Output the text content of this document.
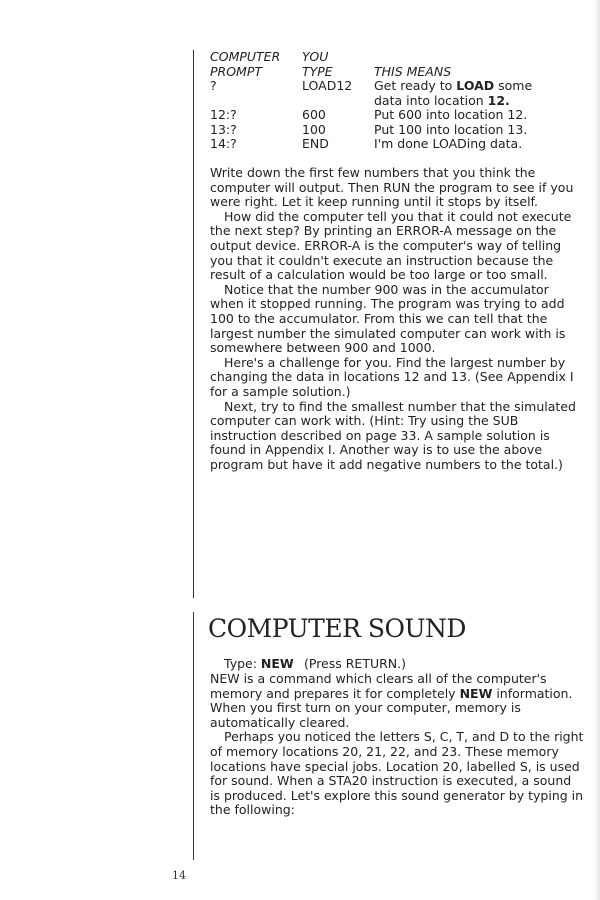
COMPUTER YOU
PROMPT	TYPE	THIS MEANS
?	LOAD12 Get ready to LOAD some
data into location 12.
12:?	600	Put 600 into location 12.
13:?	100	Put 100 into location 13.
14:?	END	I'm done LOADing data.

Write down the first few numbers that you think the computer will output. Then RUN the program to see if you were right. Let it keep running until it stops by itself.

How did the computer tell you that it could not execute the next step? By printing an ERROR-A message on the output device. ERROR-A is the computer's way of telling you that it couldn't execute an instruction because the result of a calculation would be too large or too small.

Notice that the number 900 was in the accumulator when it stopped running. The program was trying to add 100 to the accumulator. From this we can tell that the largest number the simulated computer can work with is somewhere between 900 and 1000.

Here's a challenge for you. Find the largest number by changing the data in locations 12 and 13. (See Appendix I for a sample solution.)

Next, try to find the smallest number that the simulated computer can work with. (Hint: Try using the SUB instruction described on page 33. A sample solution is found in Appendix I. Another way is to use the above program but have it add negative numbers to the total.)

COMPUTER SOUND
Type: NEW (Press RETURN.)

NEW is a command which clears all of the computer's memory and prepares it for completely NEW information. When you first turn on your computer, memory is automatically cleared.

Perhaps you noticed the letters S, C, T, and D to the right of memory locations 20, 21, 22, and 23. These memory locations have special jobs. Location 20, labelled S, is used for sound. When a STA20 instruction is executed, a sound is produced. Let's explore this sound generator by typing in the following:

14
